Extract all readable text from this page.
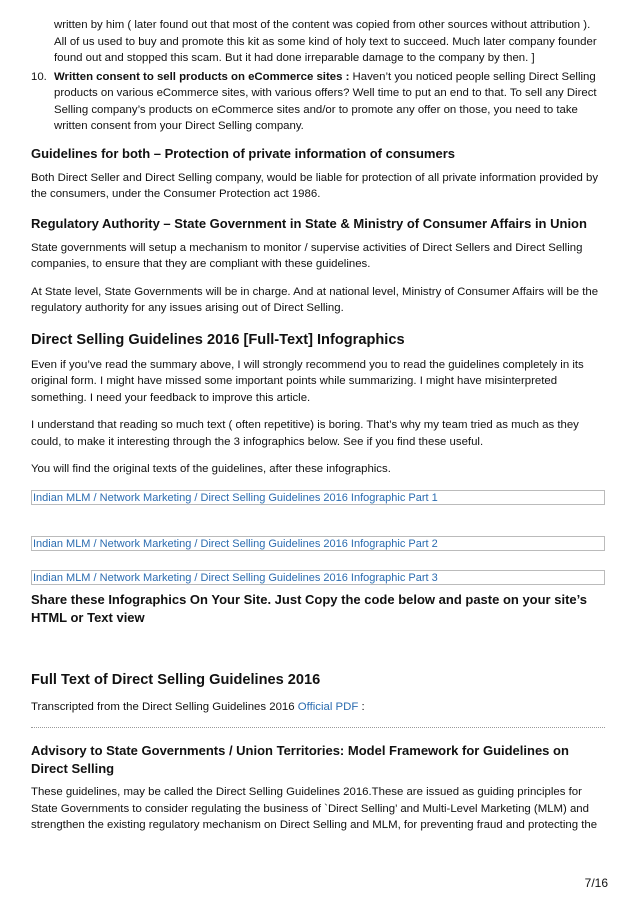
written by him ( later found out that most of the content was copied from other sources without attribution ). All of us used to buy and promote this kit as some kind of holy text to succeed. Much later company founder found out and stopped this scam. But it had done irreparable damage to the company by then. ]

10. Written consent to sell products on eCommerce sites : Haven’t you noticed people selling Direct Selling products on various eCommerce sites, with various offers? Well time to put an end to that. To sell any Direct Selling company’s products on eCommerce sites and/or to promote any offer on those, you need to take written consent from your Direct Selling company.

Guidelines for both – Protection of private information of consumers

Both Direct Seller and Direct Selling company, would be liable for protection of all private information provided by the consumers, under the Consumer Protection act 1986.

Regulatory Authority – State Government in State & Ministry of Consumer Affairs in Union

State governments will setup a mechanism to monitor / supervise activities of Direct Sellers and Direct Selling companies, to ensure that they are compliant with these guidelines.

At State level, State Governments will be in charge. And at national level, Ministry of Consumer Affairs will be the regulatory authority for any issues arising out of Direct Selling.

Direct Selling Guidelines 2016 [Full-Text] Infographics

Even if you’ve read the summary above, I will strongly recommend you to read the guidelines completely in its original form. I might have missed some important points while summarizing. I might have misinterpreted something. I need your feedback to improve this article.

I understand that reading so much text ( often repetitive) is boring. That’s why my team tried as much as they could, to make it interesting through the 3 infographics below. See if you find these useful.

You will find the original texts of the guidelines, after these infographics.

Indian MLM / Network Marketing / Direct Selling Guidelines 2016 Infographic Part 1
Indian MLM / Network Marketing / Direct Selling Guidelines 2016 Infographic Part 2
Indian MLM / Network Marketing / Direct Selling Guidelines 2016 Infographic Part 3
Share these Infographics On Your Site. Just Copy the code below and paste on your site’s HTML or Text view
Full Text of Direct Selling Guidelines 2016

Transcripted from the Direct Selling Guidelines 2016 Official PDF :

Advisory to State Governments / Union Territories: Model Framework for Guidelines on Direct Selling

These guidelines, may be called the Direct Selling Guidelines 2016.These are issued as guiding principles for State Governments to consider regulating the business of `Direct Selling’ and Multi-Level Marketing (MLM) and strengthen the existing regulatory mechanism on Direct Selling and MLM, for preventing fraud and protecting the

7/16
